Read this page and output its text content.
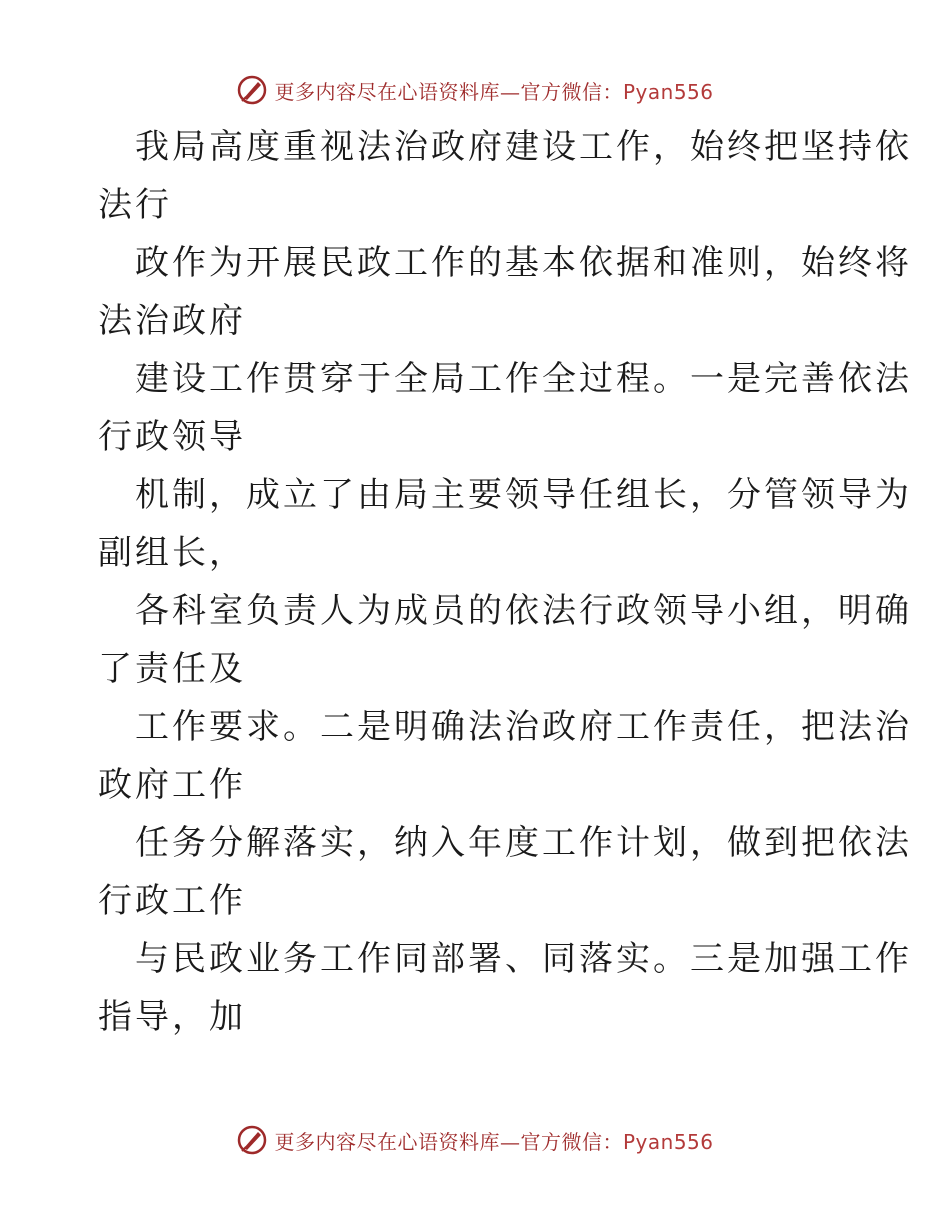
更多内容尽在心语资料库—官方微信：Pyan556
我局高度重视法治政府建设工作，始终把坚持依
法行
政作为开展民政工作的基本依据和准则，始终将
法治政府
建设工作贯穿于全局工作全过程。一是完善依法
行政领导
机制，成立了由局主要领导任组长，分管领导为
副组长，
各科室负责人为成员的依法行政领导小组，明确
了责任及
工作要求。二是明确法治政府工作责任，把法治
政府工作
任务分解落实，纳入年度工作计划，做到把依法
行政工作
与民政业务工作同部署、同落实。三是加强工作
指导，加
更多内容尽在心语资料库—官方微信：Pyan556
